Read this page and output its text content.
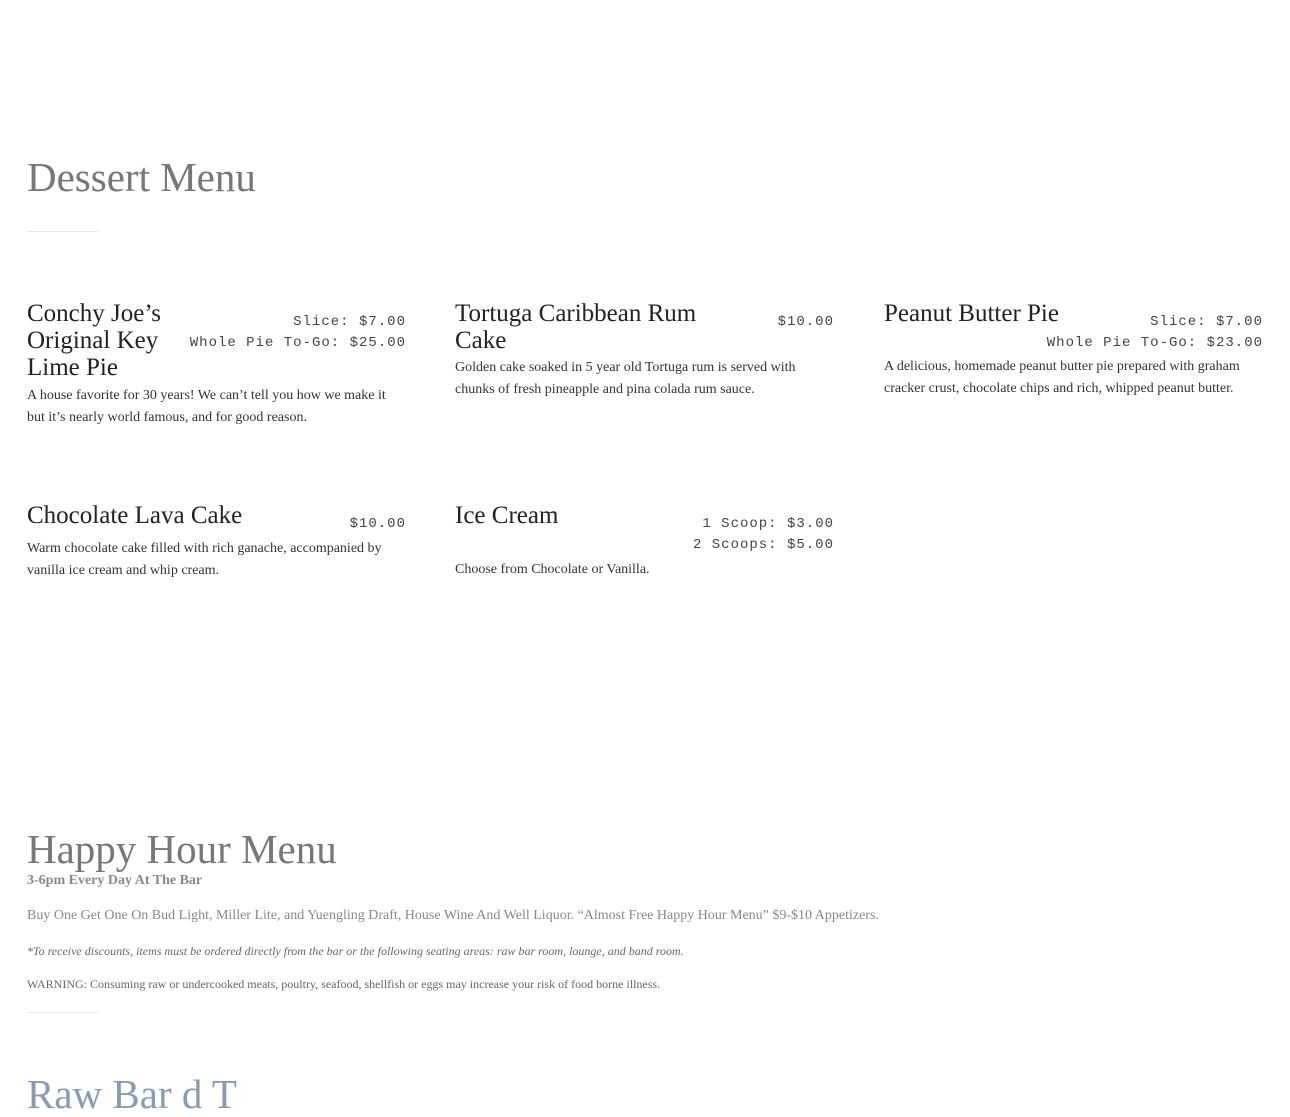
Dessert Menu
Conchy Joe’s Original Key Lime Pie
Slice: $7.00
Whole Pie To-Go: $25.00
A house favorite for 30 years! We can’t tell you how we make it but it’s nearly world famous, and for good reason.
Tortuga Caribbean Rum Cake
$10.00
Golden cake soaked in 5 year old Tortuga rum is served with chunks of fresh pineapple and pina colada rum sauce.
Peanut Butter Pie	Slice: $7.00
Whole Pie To-Go: $23.00
A delicious, homemade peanut butter pie prepared with graham cracker crust, chocolate chips and rich, whipped peanut butter.
Chocolate Lava Cake	$10.00
Warm chocolate cake filled with rich ganache, accompanied by vanilla ice cream and whip cream.
Ice Cream	1 Scoop: $3.00
2 Scoops: $5.00
Choose from Chocolate or Vanilla.
Happy Hour Menu
3-6pm Every Day At The Bar
Buy One Get One On Bud Light, Miller Lite, and Yuengling Draft, House Wine And Well Liquor. “Almost Free Happy Hour Menu” $9-$10 Appetizers.
*To receive discounts, items must be ordered directly from the bar or the following seating areas: raw bar room, lounge, and band room.
WARNING: Consuming raw or undercooked meats, poultry, seafood, shellfish or eggs may increase your risk of food borne illness.
Raw Bar d T
